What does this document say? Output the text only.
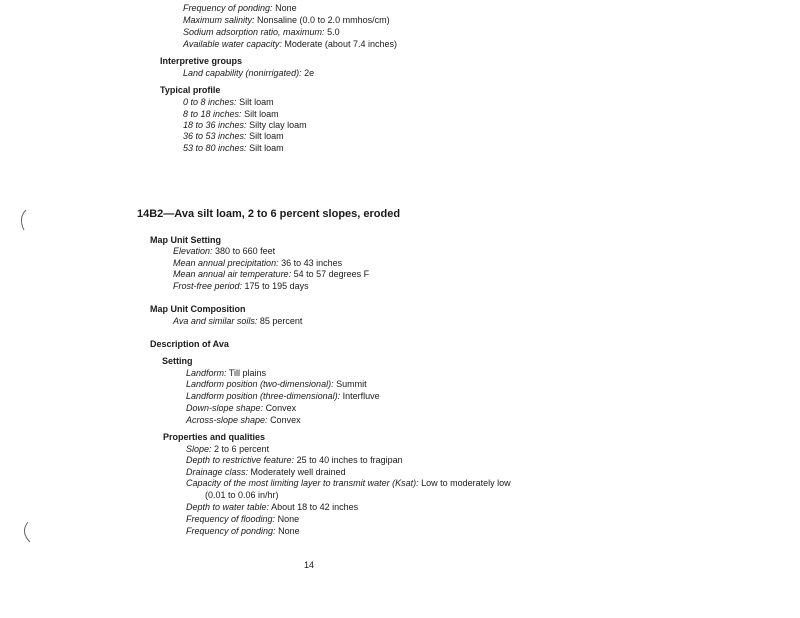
Frequency of ponding: None
Maximum salinity: Nonsaline (0.0 to 2.0 mmhos/cm)
Sodium adsorption ratio, maximum: 5.0
Available water capacity: Moderate (about 7.4 inches)
Interpretive groups
Land capability (nonirrigated): 2e
Typical profile
0 to 8 inches: Silt loam
8 to 18 inches: Silt loam
18 to 36 inches: Silty clay loam
36 to 53 inches: Silt loam
53 to 80 inches: Silt loam
14B2—Ava silt loam, 2 to 6 percent slopes, eroded
Map Unit Setting
Elevation: 380 to 660 feet
Mean annual precipitation: 36 to 43 inches
Mean annual air temperature: 54 to 57 degrees F
Frost-free period: 175 to 195 days
Map Unit Composition
Ava and similar soils: 85 percent
Description of Ava
Setting
Landform: Till plains
Landform position (two-dimensional): Summit
Landform position (three-dimensional): Interfluve
Down-slope shape: Convex
Across-slope shape: Convex
Properties and qualities
Slope: 2 to 6 percent
Depth to restrictive feature: 25 to 40 inches to fragipan
Drainage class: Moderately well drained
Capacity of the most limiting layer to transmit water (Ksat): Low to moderately low
(0.01 to 0.06 in/hr)
Depth to water table: About 18 to 42 inches
Frequency of flooding: None
Frequency of ponding: None
14
